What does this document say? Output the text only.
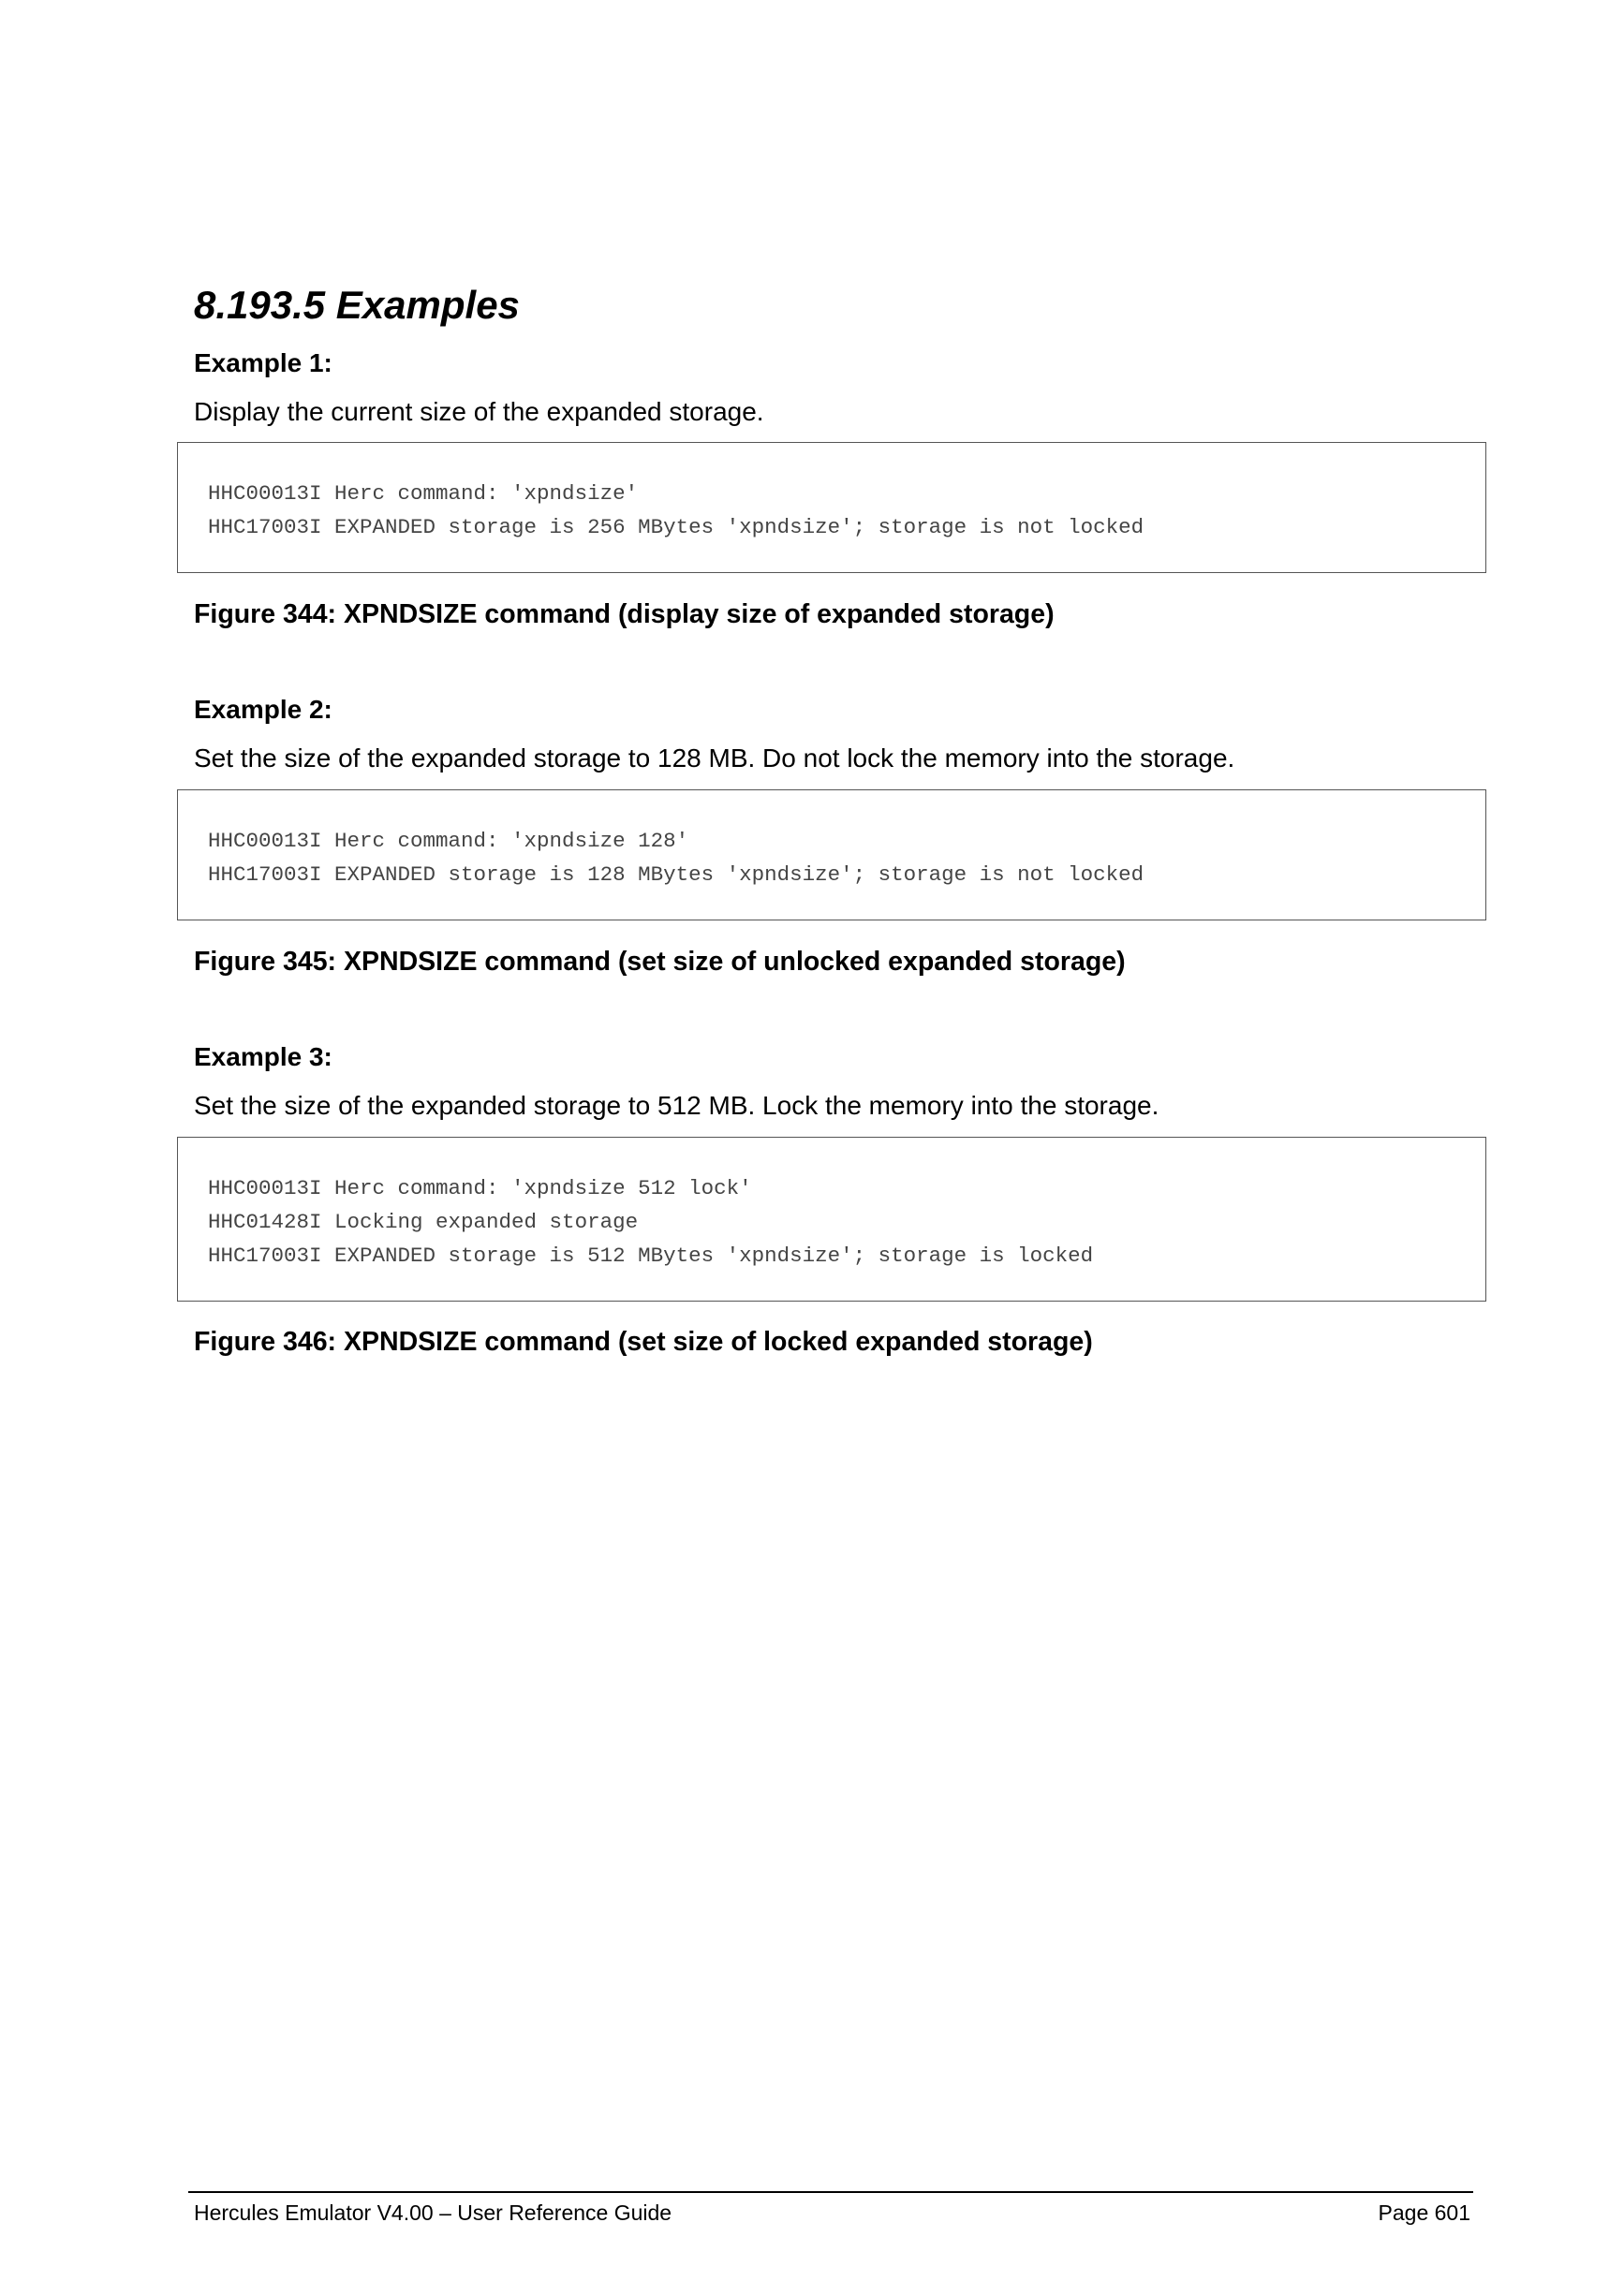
8.193.5 Examples

Example 1:

Display the current size of the expanded storage.

HHC00013I Herc command: 'xpndsize'
HHC17003I EXPANDED storage is 256 MBytes 'xpndsize'; storage is not locked

Figure 344: XPNDSIZE command (display size of expanded storage)

Example 2:

Set the size of the expanded storage to 128 MB. Do not lock the memory into the storage.

HHC00013I Herc command: 'xpndsize 128'
HHC17003I EXPANDED storage is 128 MBytes 'xpndsize'; storage is not locked

Figure 345: XPNDSIZE command (set size of unlocked expanded storage)

Example 3:

Set the size of the expanded storage to 512 MB. Lock the memory into the storage.

HHC00013I Herc command: 'xpndsize 512 lock'
HHC01428I Locking expanded storage
HHC17003I EXPANDED storage is 512 MBytes 'xpndsize'; storage is locked

Figure 346: XPNDSIZE command (set size of locked expanded storage)

Hercules Emulator V4.00 – User Reference Guide	Page 601
